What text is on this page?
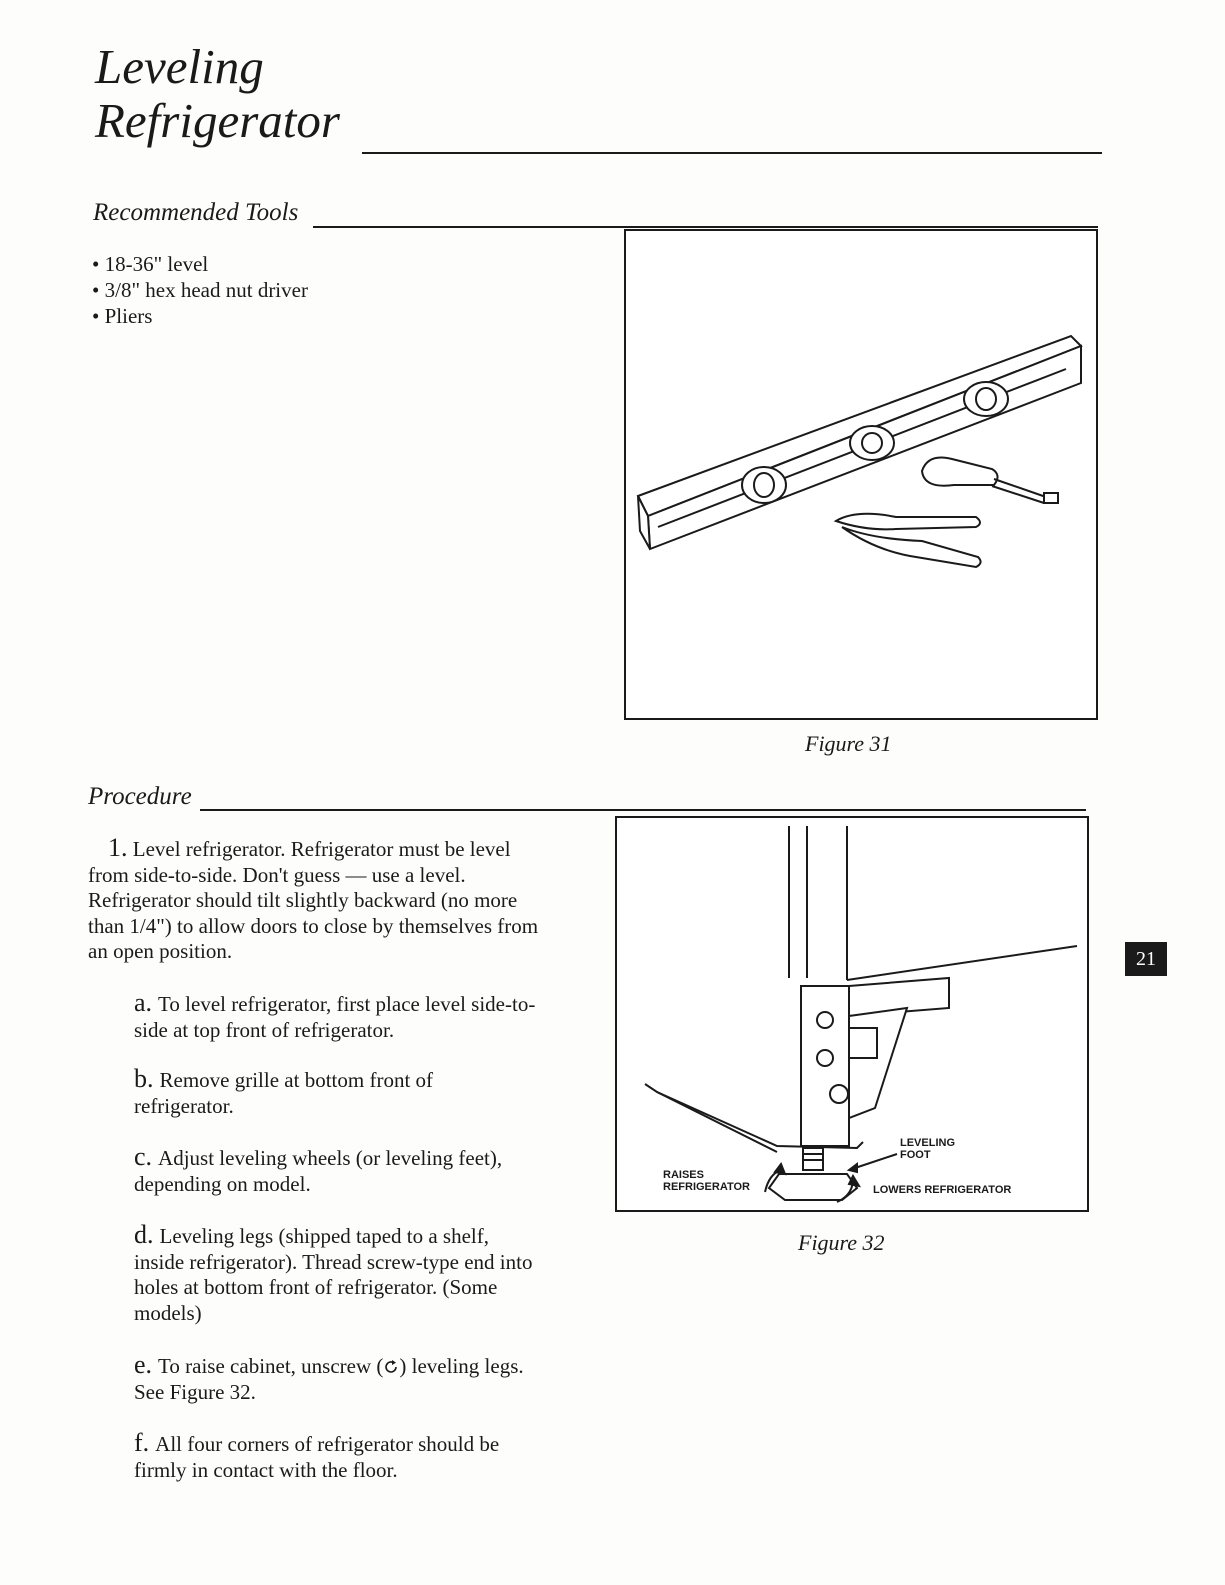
Leveling
Refrigerator
Recommended Tools
• 18-36" level
• 3/8" hex head nut driver
• Pliers
Figure 31
Procedure
1. Level refrigerator. Refrigerator must be level from side-to-side. Don't guess — use a level. Refrigerator should tilt slightly backward (no more than 1/4") to allow doors to close by themselves from an open position.
a. To level refrigerator, first place level side-to-side at top front of refrigerator.
b. Remove grille at bottom front of refrigerator.
c. Adjust leveling wheels (or leveling feet), depending on model.
d. Leveling legs (shipped taped to a shelf, inside refrigerator). Thread screw-type end into holes at bottom front of refrigerator. (Some models)
e. To raise cabinet, unscrew ( ) leveling legs. See Figure 32.
f. All four corners of refrigerator should be firmly in contact with the floor.
RAISES
REFRIGERATOR
LEVELING
FOOT
LOWERS REFRIGERATOR
Figure 32
21
